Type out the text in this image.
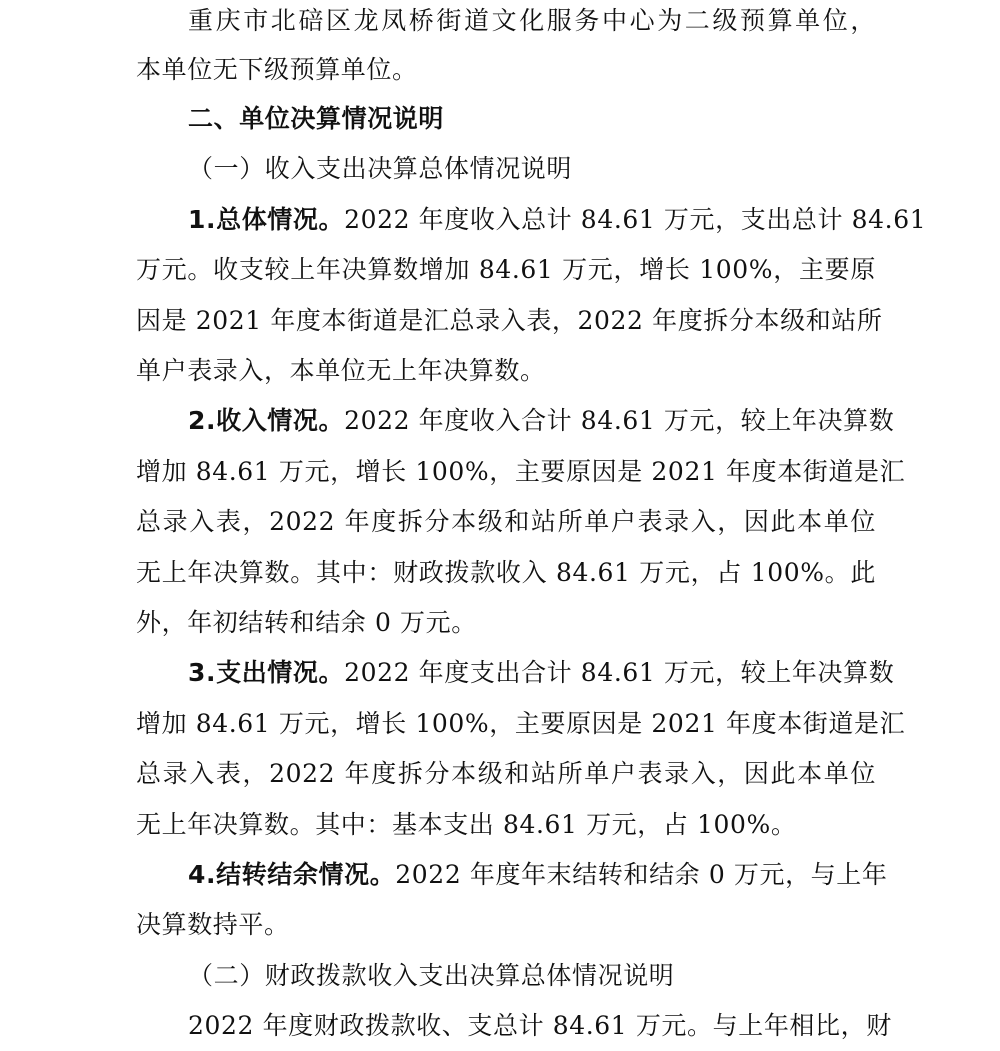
重庆市北碚区龙凤桥街道文化服务中心为二级预算单位，
本单位无下级预算单位。
二、单位决算情况说明
（一）收入支出决算总体情况说明
1.总体情况。2022 年度收入总计 84.61 万元，支出总计 84.61
万元。收支较上年决算数增加 84.61 万元，增长 100%，主要原
因是 2021 年度本街道是汇总录入表，2022 年度拆分本级和站所
单户表录入，本单位无上年决算数。
2.收入情况。2022 年度收入合计 84.61 万元，较上年决算数
增加 84.61 万元，增长 100%，主要原因是 2021 年度本街道是汇
总录入表，2022 年度拆分本级和站所单户表录入，因此本单位
无上年决算数。其中：财政拨款收入 84.61 万元，占 100%。此
外，年初结转和结余 0 万元。
3.支出情况。2022 年度支出合计 84.61 万元，较上年决算数
增加 84.61 万元，增长 100%，主要原因是 2021 年度本街道是汇
总录入表，2022 年度拆分本级和站所单户表录入，因此本单位
无上年决算数。其中：基本支出 84.61 万元，占 100%。
4.结转结余情况。2022 年度年末结转和结余 0 万元，与上年
决算数持平。
（二）财政拨款收入支出决算总体情况说明
2022 年度财政拨款收、支总计 84.61 万元。与上年相比，财
